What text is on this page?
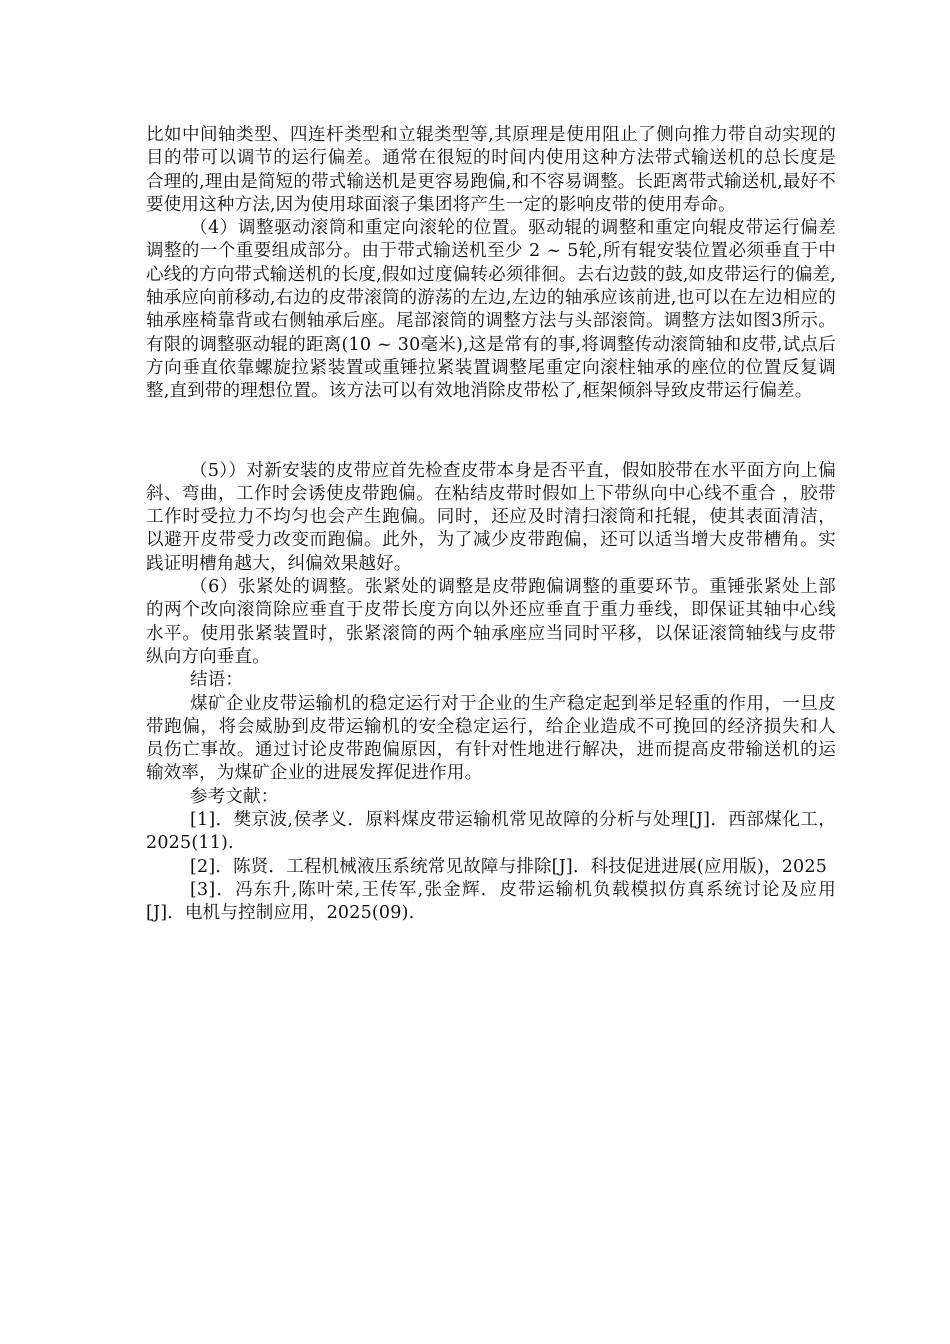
比如中间轴类型、四连杆类型和立辊类型等,其原理是使用阻止了侧向推力带自动实现的目的带可以调节的运行偏差。通常在很短的时间内使用这种方法带式输送机的总长度是合理的,理由是简短的带式输送机是更容易跑偏,和不容易调整。长距离带式输送机,最好不要使用这种方法,因为使用球面滚子集团将产生一定的影响皮带的使用寿命。

（4）调整驱动滚筒和重定向滚轮的位置。驱动辊的调整和重定向辊皮带运行偏差调整的一个重要组成部分。由于带式输送机至少 2 ~ 5轮,所有辊安装位置必须垂直于中心线的方向带式输送机的长度,假如过度偏转必须徘徊。去右边鼓的鼓,如皮带运行的偏差,轴承应向前移动,右边的皮带滚筒的游荡的左边,左边的轴承应该前进,也可以在左边相应的轴承座椅靠背或右侧轴承后座。尾部滚筒的调整方法与头部滚筒。调整方法如图3所示。有限的调整驱动辊的距离(10 ~ 30毫米),这是常有的事,将调整传动滚筒轴和皮带,试点后方向垂直依靠螺旋拉紧装置或重锤拉紧装置调整尾重定向滚柱轴承的座位的位置反复调整,直到带的理想位置。该方法可以有效地消除皮带松了,框架倾斜导致皮带运行偏差。

（5））对新安装的皮带应首先检查皮带本身是否平直，假如胶带在水平面方向上偏斜、弯曲，工作时会诱使皮带跑偏。在粘结皮带时假如上下带纵向中心线不重合 ，胶带工作时受拉力不均匀也会产生跑偏。同时，还应及时清扫滚筒和托辊，使其表面清洁，以避开皮带受力改变而跑偏。此外，为了减少皮带跑偏，还可以适当增大皮带槽角。实践证明槽角越大，纠偏效果越好。

（6）张紧处的调整。张紧处的调整是皮带跑偏调整的重要环节。重锤张紧处上部的两个改向滚筒除应垂直于皮带长度方向以外还应垂直于重力垂线，即保证其轴中心线水平。使用张紧装置时，张紧滚筒的两个轴承座应当同时平移，以保证滚筒轴线与皮带纵向方向垂直。

结语：

煤矿企业皮带运输机的稳定运行对于企业的生产稳定起到举足轻重的作用，一旦皮带跑偏，将会威胁到皮带运输机的安全稳定运行，给企业造成不可挽回的经济损失和人员伤亡事故。通过讨论皮带跑偏原因，有针对性地进行解决，进而提高皮带输送机的运输效率，为煤矿企业的进展发挥促进作用。

参考文献：

[1]．樊京波,侯孝义．原料煤皮带运输机常见故障的分析与处理[J]．西部煤化工，2025(11).

[2]．陈贤．工程机械液压系统常见故障与排除[J]．科技促进进展(应用版)，2025

[3]．冯东升,陈叶荣,王传军,张金辉．皮带运输机负载模拟仿真系统讨论及应用[J]．电机与控制应用，2025(09).
